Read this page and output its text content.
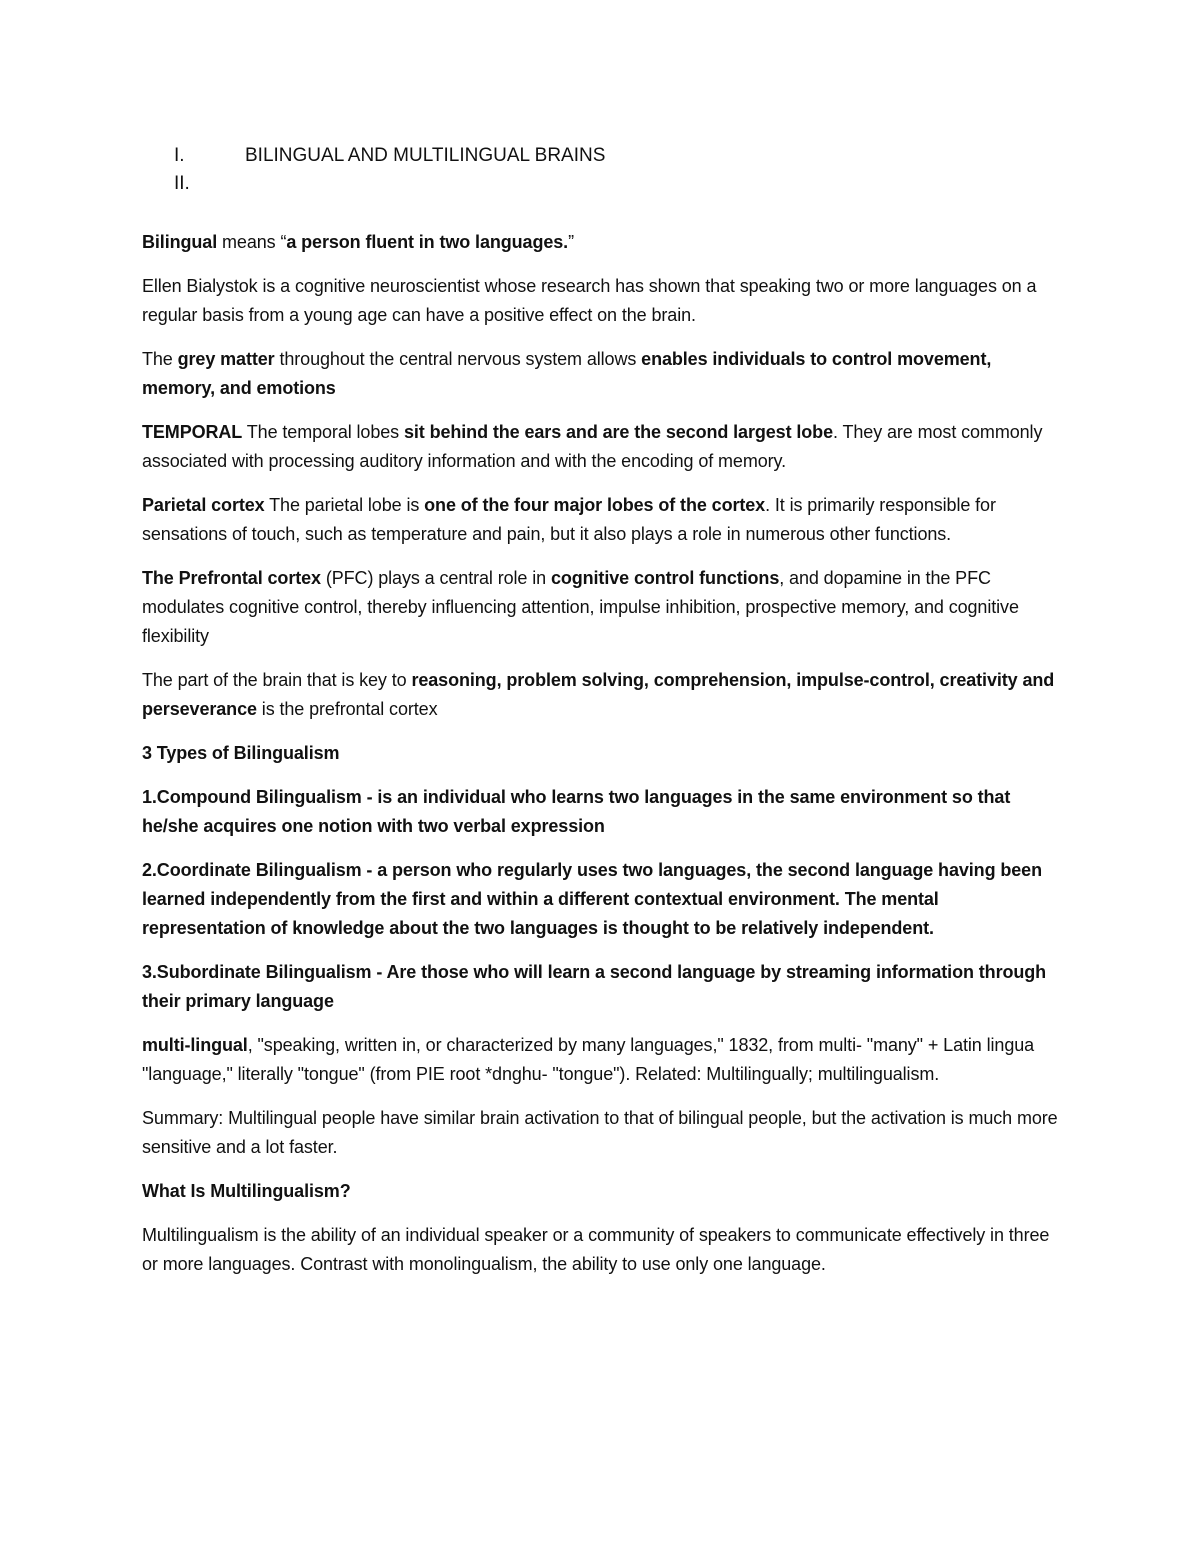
I.	BILINGUAL AND MULTILINGUAL BRAINS
II.

Bilingual means “a person fluent in two languages.”

Ellen Bialystok is a cognitive neuroscientist whose research has shown that speaking two or more languages on a regular basis from a young age can have a positive effect on the brain.

The grey matter throughout the central nervous system allows enables individuals to control movement, memory, and emotions

TEMPORAL The temporal lobes sit behind the ears and are the second largest lobe. They are most commonly associated with processing auditory information and with the encoding of memory.

Parietal cortex The parietal lobe is one of the four major lobes of the cortex. It is primarily responsible for sensations of touch, such as temperature and pain, but it also plays a role in numerous other functions.

The Prefrontal cortex (PFC) plays a central role in cognitive control functions, and dopamine in the PFC modulates cognitive control, thereby influencing attention, impulse inhibition, prospective memory, and cognitive flexibility

The part of the brain that is key to reasoning, problem solving, comprehension, impulse-control, creativity and perseverance is the prefrontal cortex

3 Types of Bilingualism

1.Compound Bilingualism - is an individual who learns two languages in the same environment so that he/she acquires one notion with two verbal expression

2.Coordinate Bilingualism - a person who regularly uses two languages, the second language having been learned independently from the first and within a different contextual environment. The mental representation of knowledge about the two languages is thought to be relatively independent.

3.Subordinate Bilingualism - Are those who will learn a second language by streaming information through their primary language

multi-lingual, "speaking, written in, or characterized by many languages," 1832, from multi- "many" + Latin lingua "language," literally "tongue" (from PIE root *dnghu- "tongue"). Related: Multilingually; multilingualism.

Summary: Multilingual people have similar brain activation to that of bilingual people, but the activation is much more sensitive and a lot faster.

What Is Multilingualism?

Multilingualism is the ability of an individual speaker or a community of speakers to communicate effectively in three or more languages. Contrast with monolingualism, the ability to use only one language.
